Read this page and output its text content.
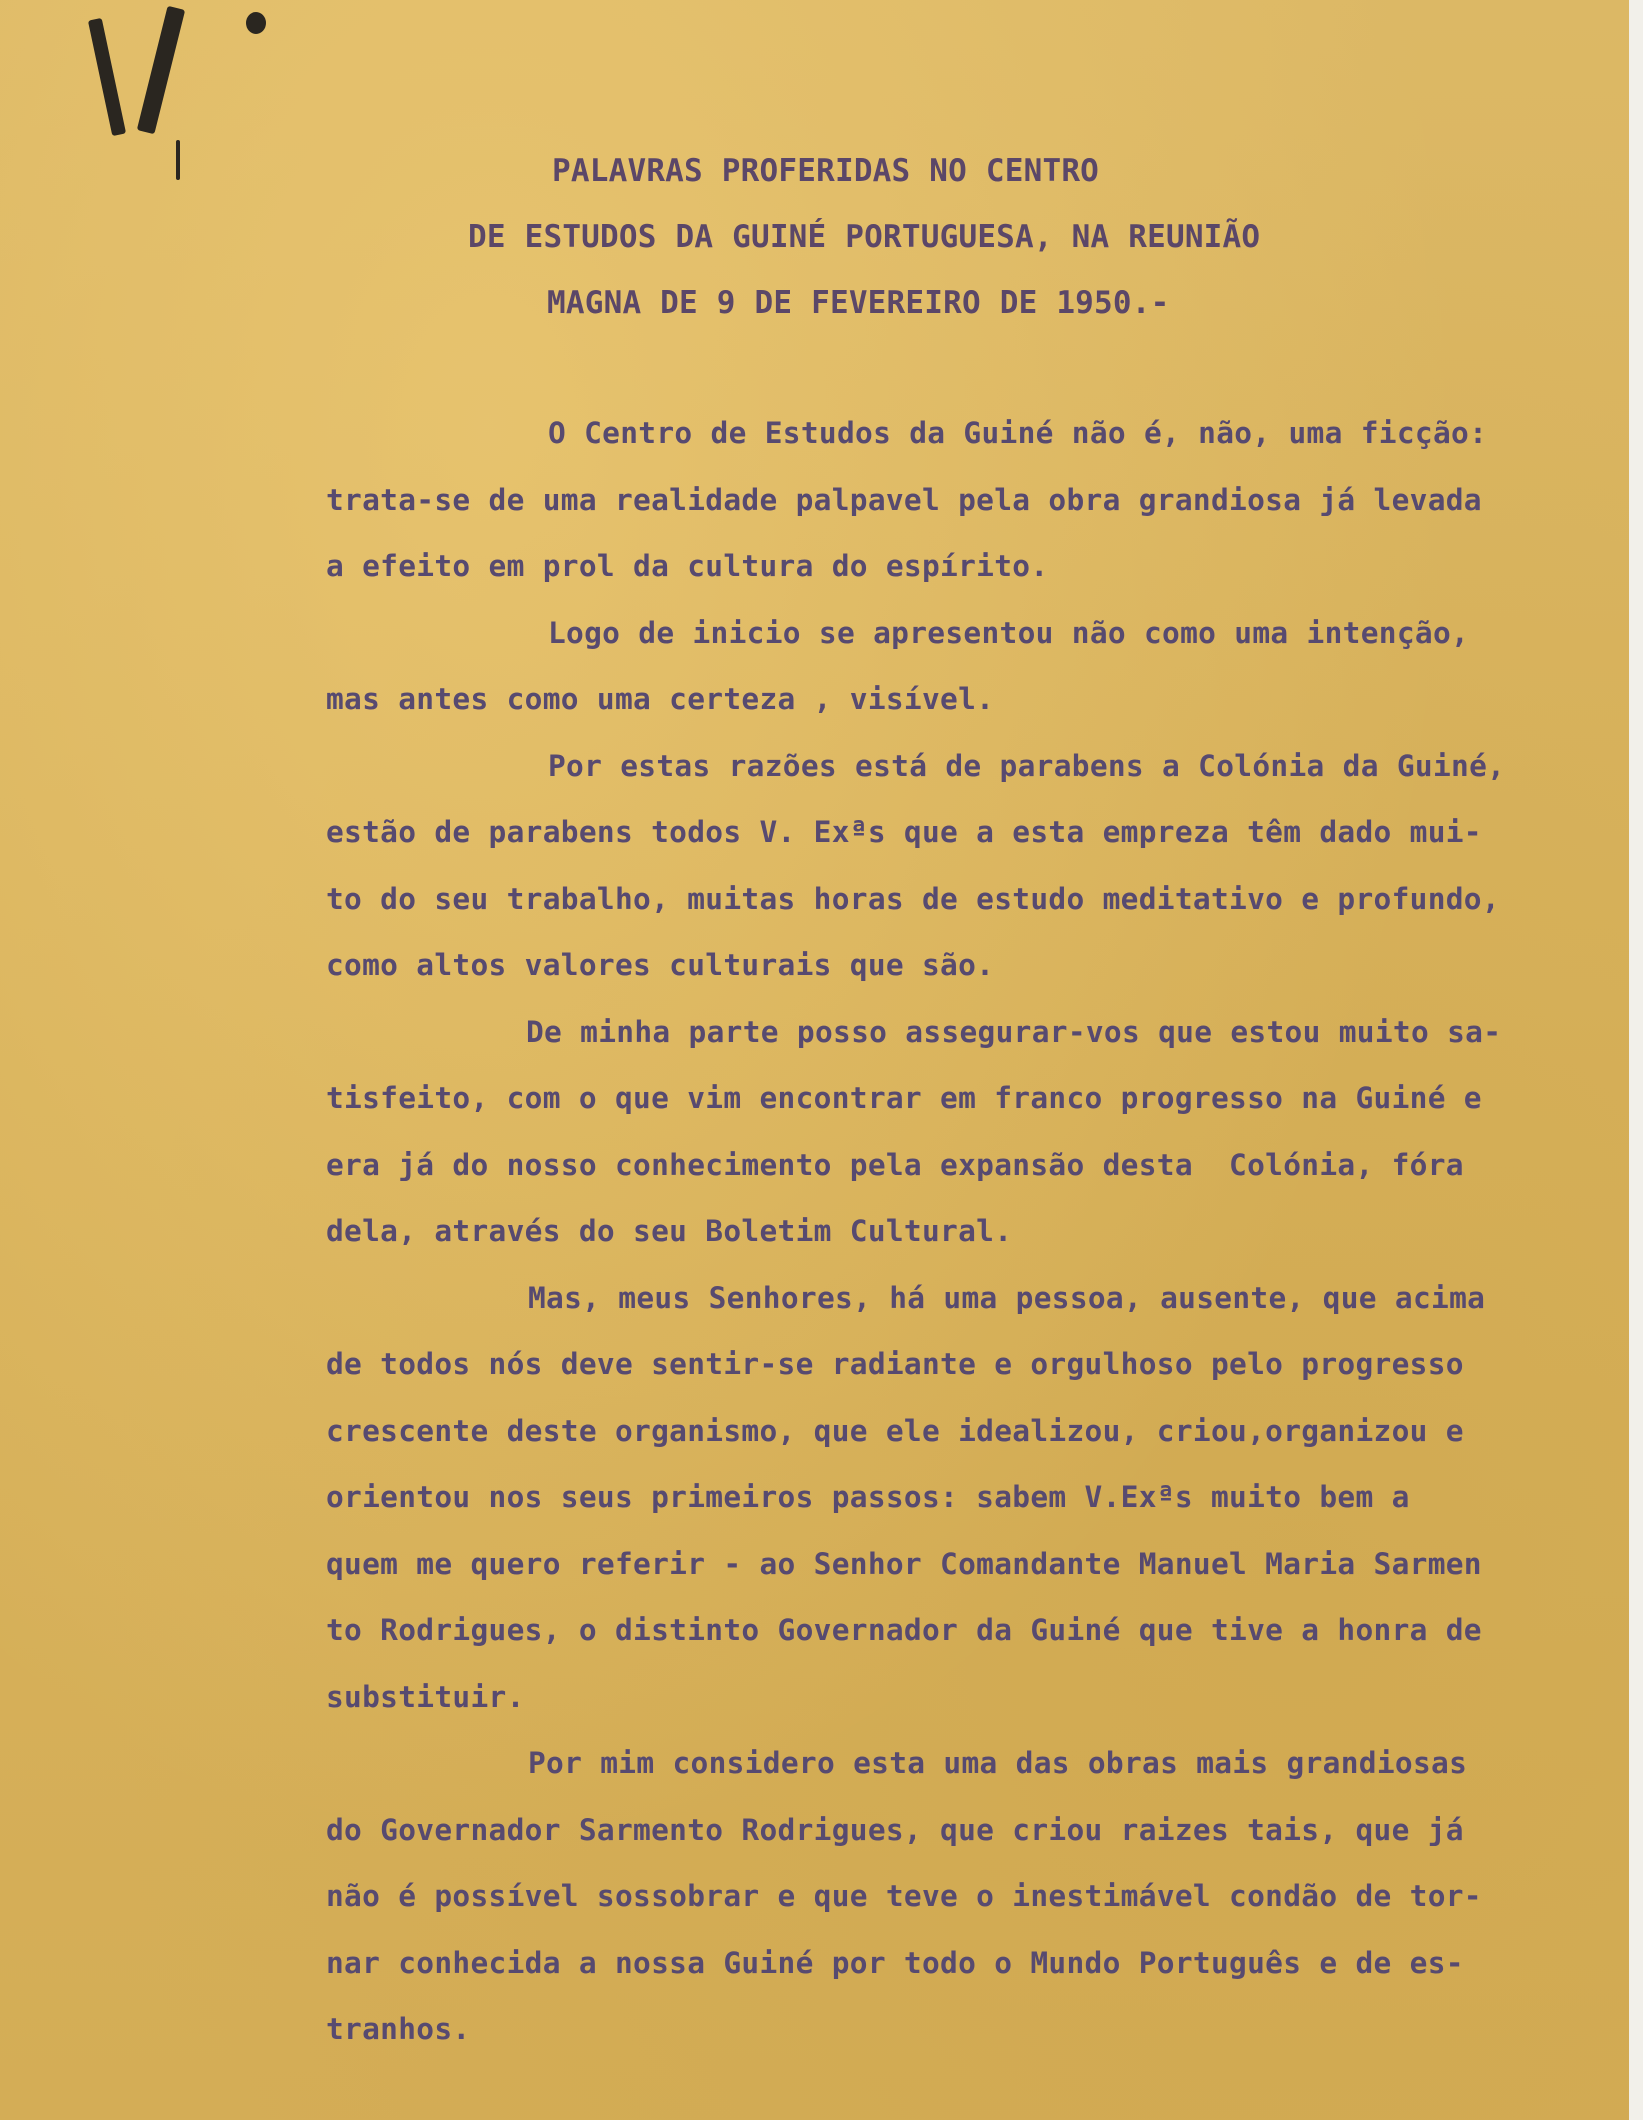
PALAVRAS PROFERIDAS NO CENTRO
DE ESTUDOS DA GUINÉ PORTUGUESA, NA REUNIÃO
MAGNA DE 9 DE FEVEREIRO DE 1950.-
O Centro de Estudos da Guiné não é, não, uma ficção:
trata-se de uma realidade palpavel pela obra grandiosa já levada
a efeito em prol da cultura do espírito.
Logo de inicio se apresentou não como uma intenção,
mas antes como uma certeza , visível.
Por estas razões está de parabens a Colónia da Guiné,
estão de parabens todos V. Exªs que a esta empreza têm dado mui-
to do seu trabalho, muitas horas de estudo meditativo e profundo,
como altos valores culturais que são.
De minha parte posso assegurar-vos que estou muito sa-
tisfeito, com o que vim encontrar em franco progresso na Guiné e
era já do nosso conhecimento pela expansão desta  Colónia, fóra
dela, através do seu Boletim Cultural.
Mas, meus Senhores, há uma pessoa, ausente, que acima
de todos nós deve sentir-se radiante e orgulhoso pelo progresso
crescente deste organismo, que ele idealizou, criou,organizou e
orientou nos seus primeiros passos: sabem V.Exªs muito bem a
quem me quero referir - ao Senhor Comandante Manuel Maria Sarmen
to Rodrigues, o distinto Governador da Guiné que tive a honra de
substituir.
Por mim considero esta uma das obras mais grandiosas
do Governador Sarmento Rodrigues, que criou raizes tais, que já
não é possível sossobrar e que teve o inestimável condão de tor-
nar conhecida a nossa Guiné por todo o Mundo Português e de es-
tranhos.
